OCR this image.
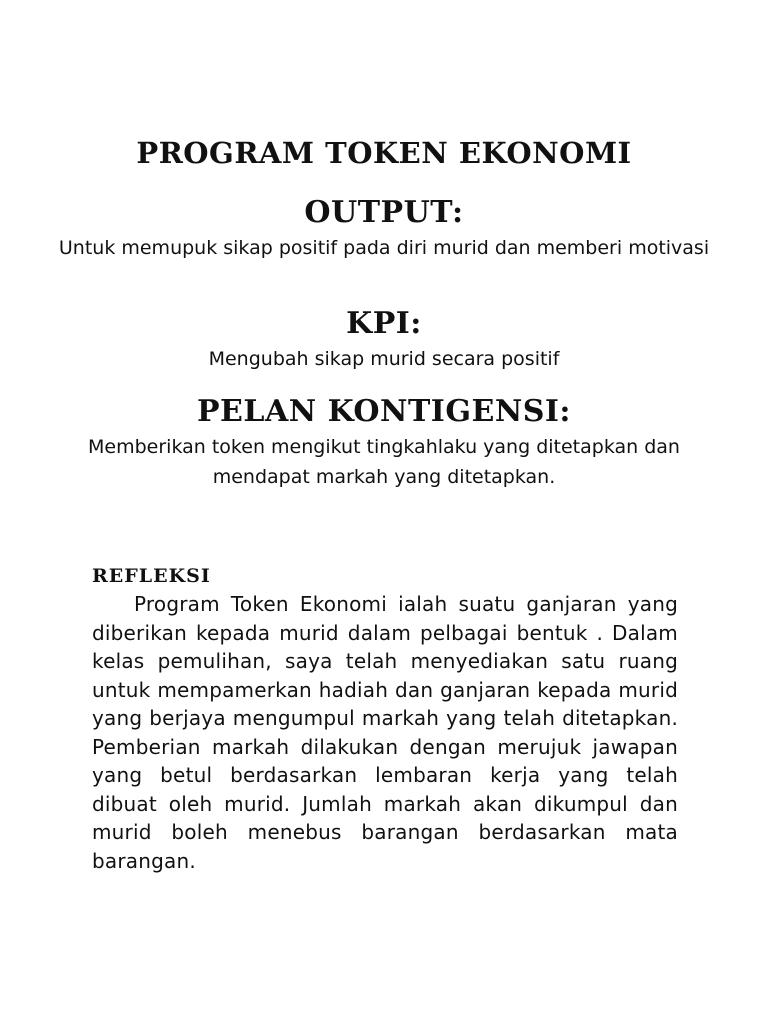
PROGRAM TOKEN EKONOMI
OUTPUT:

Untuk memupuk sikap positif pada diri murid dan memberi motivasi

KPI:

Mengubah sikap murid secara positif

PELAN KONTIGENSI:

Memberikan token mengikut tingkahlaku yang ditetapkan dan mendapat markah yang ditetapkan.

REFLEKSI

Program Token Ekonomi ialah suatu ganjaran yang diberikan kepada murid dalam pelbagai bentuk . Dalam kelas pemulihan, saya telah menyediakan satu ruang untuk mempamerkan hadiah dan ganjaran kepada murid yang berjaya mengumpul markah yang telah ditetapkan. Pemberian markah dilakukan dengan merujuk jawapan yang betul berdasarkan lembaran kerja yang telah dibuat oleh murid. Jumlah markah akan dikumpul dan murid boleh menebus barangan berdasarkan mata barangan.
